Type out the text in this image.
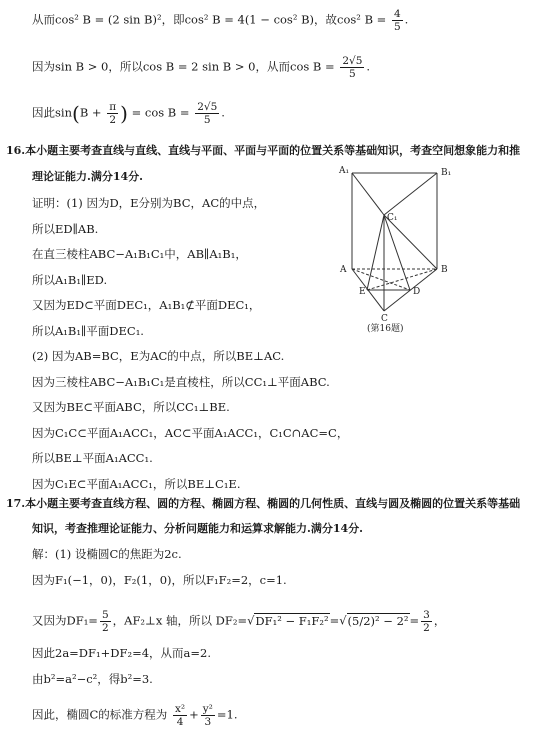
从而cos² B = (2 sin B)²，即cos² B = 4(1 − cos² B)，故cos² $B = \frac{4}{5}$ .
因为sin B > 0，所以cos B = 2 sin B > 0，从而$\cos B = \frac{2√5}{5}$ .
因此$\sin(B + \frac{\pi}{2}$ ) = $\cos B = \frac{2√5}{5}$ .
16.本小题主要考查直线与直线、直线与平面、平面与平面的位置关系等基础知识，考查空间想象能力和推
理论证能力.满分14分.
证明：(1) 因为D，E分别为BC，AC的中点，
所以ED∥AB.
在直三棱柱ABC−A₁B₁C₁中，AB∥A₁B₁，
所以A₁B₁∥ED.
又因为ED⊂平面DEC₁，A₁B₁⊄平面DEC₁，
所以A₁B₁∥平面DEC₁.
(2) 因为AB=BC，E为AC的中点，所以BE⊥AC.
因为三棱柱ABC−A₁B₁C₁是直棱柱，所以CC₁⊥平面ABC.
又因为BE⊂平面ABC，所以CC₁⊥BE.
因为C₁C⊂平面A₁ACC₁，AC⊂平面A₁ACC₁，C₁C∩AC=C，
所以BE⊥平面A₁ACC₁.
因为C₁E⊂平面A₁ACC₁，所以BE⊥C₁E.
A₁	B₁
C₁
A	B
E	D
C
(第16题)
17.本小题主要考查直线方程、圆的方程、椭圆方程、椭圆的几何性质、直线与圆及椭圆的位置关系等基础
知识，考查推理论证能力、分析问题能力和运算求解能力.满分14分.
解：(1) 设椭圆C的焦距为2c.
因为F₁(−1，0)，F₂(1，0)，所以F₁F₂=2，c=1.
又因为$DF_1= \frac{5}{2}$ ，AF₂⊥x 轴，所以 $DF_2=√DF_1^2 - F_1F_2^2=√(5/2)^2 - 2^2= \frac{3}{2}$ ，
因此2a=DF₁+DF₂=4，从而a=2.
由b²=a²−c²，得b²=3.
因此，椭圆C的标准方程为 $\frac{\text{x²}}{4} + \frac{\text{y²}}{3} =1$.
